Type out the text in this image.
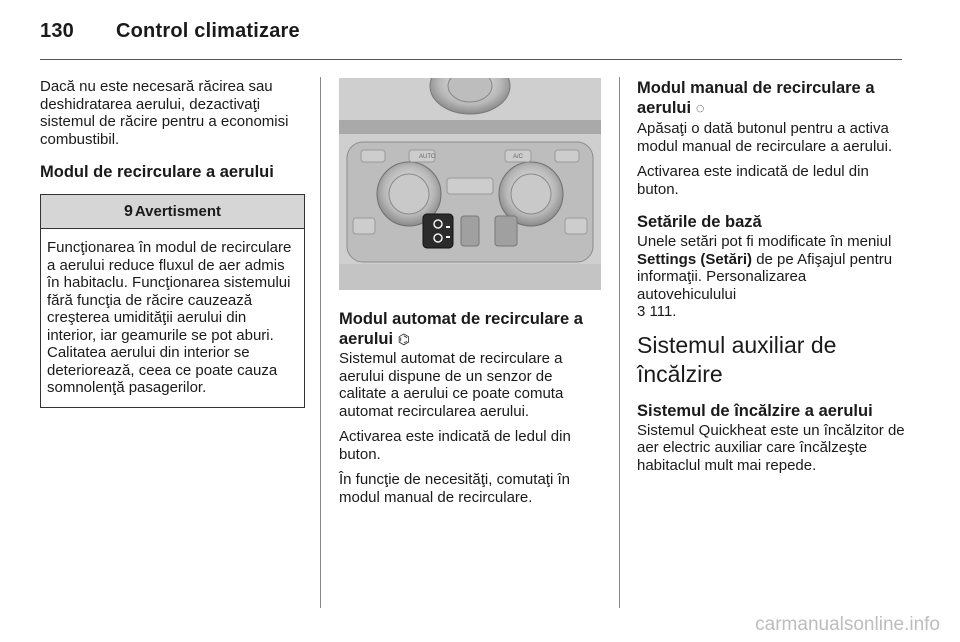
130 Control climatizare

Dacă nu este necesară răcirea sau deshidratarea aerului, dezactivaţi sistemul de răcire pentru a economisi combustibil.

Modul de recirculare a aerului
9 Avertisment
Funcţionarea în modul de recirculare a aerului reduce fluxul de aer admis în habitaclu. Funcţionarea sistemului fără funcţia de răcire cauzează creşterea umidităţii aerului din interior, iar geamurile se pot aburi. Calitatea aerului din interior se deteriorează, ceea ce poate cauza somnolenţă pasagerilor.
AUTO	A/C
Modul automat de recirculare a aerului ⌬

Sistemul automat de recirculare a aerului dispune de un senzor de calitate a aerului ce poate comuta automat recircularea aerului.

Activarea este indicată de ledul din buton.

În funcţie de necesităţi, comutaţi în modul manual de recirculare.

Modul manual de recirculare a aerului ◌

Apăsaţi o dată butonul pentru a activa modul manual de recirculare a aerului.

Activarea este indicată de ledul din buton.

Setările de bază

Unele setări pot fi modificate în meniul Settings (Setări) de pe Afişajul pentru informaţii. Personalizarea autovehiculului
3 111.

Sistemul auxiliar de încălzire
Sistemul de încălzire a aerului

Sistemul Quickheat este un încălzitor de aer electric auxiliar care încălzeşte habitaclul mult mai repede.

carmanualsonline.info
